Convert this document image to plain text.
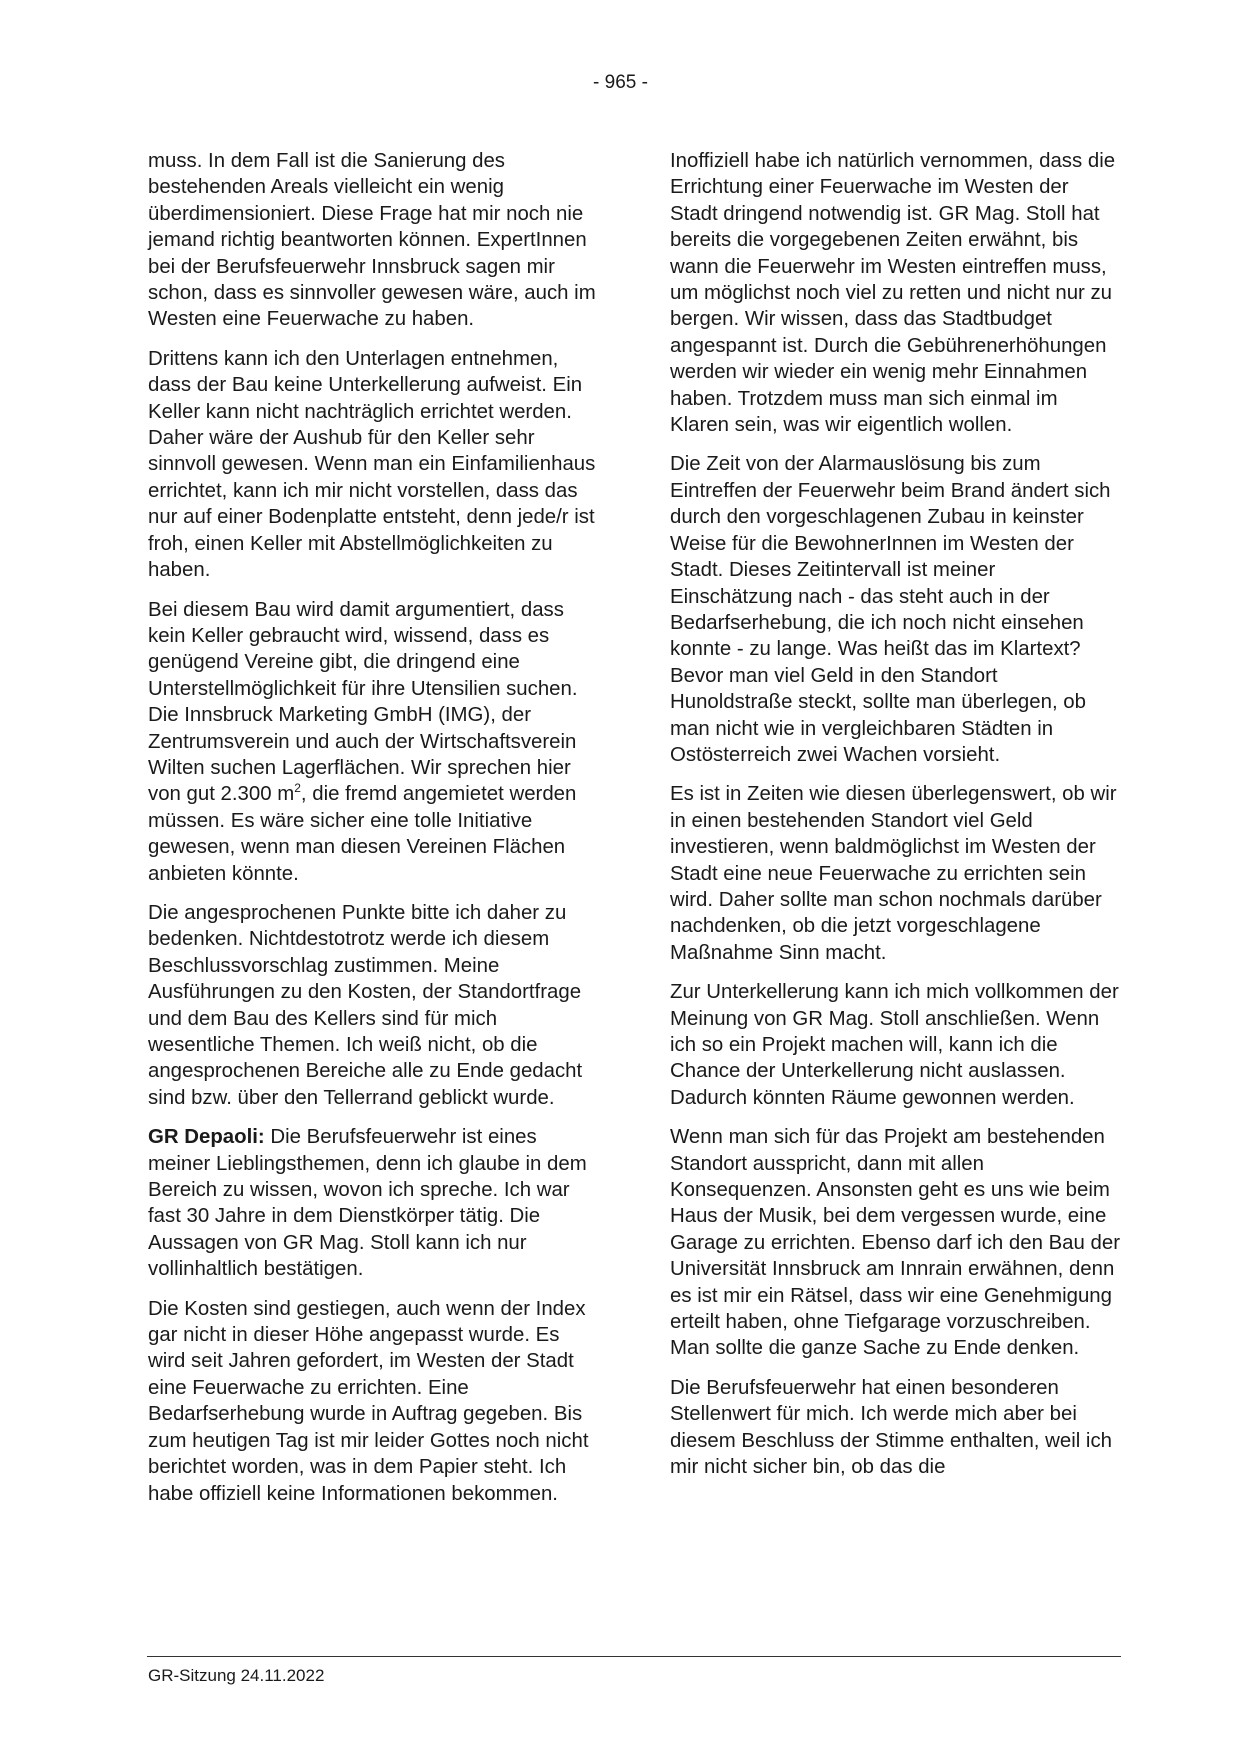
- 965 -

muss. In dem Fall ist die Sanierung des bestehenden Areals vielleicht ein wenig überdimensioniert. Diese Frage hat mir noch nie jemand richtig beantworten können. ExpertInnen bei der Berufsfeuerwehr Innsbruck sagen mir schon, dass es sinnvoller gewesen wäre, auch im Westen eine Feuerwache zu haben.

Drittens kann ich den Unterlagen entnehmen, dass der Bau keine Unterkellerung aufweist. Ein Keller kann nicht nachträglich errichtet werden. Daher wäre der Aushub für den Keller sehr sinnvoll gewesen. Wenn man ein Einfamilienhaus errichtet, kann ich mir nicht vorstellen, dass das nur auf einer Bodenplatte entsteht, denn jede/r ist froh, einen Keller mit Abstellmöglichkeiten zu haben.

Bei diesem Bau wird damit argumentiert, dass kein Keller gebraucht wird, wissend, dass es genügend Vereine gibt, die dringend eine Unterstellmöglichkeit für ihre Utensilien suchen. Die Innsbruck Marketing GmbH (IMG), der Zentrumsverein und auch der Wirtschaftsverein Wilten suchen Lagerflächen. Wir sprechen hier von gut 2.300 $m^2$, die fremd angemietet werden müssen. Es wäre sicher eine tolle Initiative gewesen, wenn man diesen Vereinen Flächen anbieten könnte.

Die angesprochenen Punkte bitte ich daher zu bedenken. Nichtdestotrotz werde ich diesem Beschlussvorschlag zustimmen. Meine Ausführungen zu den Kosten, der Standortfrage und dem Bau des Kellers sind für mich wesentliche Themen. Ich weiß nicht, ob die angesprochenen Bereiche alle zu Ende gedacht sind bzw. über den Tellerrand geblickt wurde.

GR Depaoli: Die Berufsfeuerwehr ist eines meiner Lieblingsthemen, denn ich glaube in dem Bereich zu wissen, wovon ich spreche. Ich war fast 30 Jahre in dem Dienstkörper tätig. Die Aussagen von GR Mag. Stoll kann ich nur vollinhaltlich bestätigen.

Die Kosten sind gestiegen, auch wenn der Index gar nicht in dieser Höhe angepasst wurde. Es wird seit Jahren gefordert, im Westen der Stadt eine Feuerwache zu errichten. Eine Bedarfserhebung wurde in Auftrag gegeben. Bis zum heutigen Tag ist mir leider Gottes noch nicht berichtet worden, was in dem Papier steht. Ich habe offiziell keine Informationen bekommen.

Inoffiziell habe ich natürlich vernommen, dass die Errichtung einer Feuerwache im Westen der Stadt dringend notwendig ist. GR Mag. Stoll hat bereits die vorgegebenen Zeiten erwähnt, bis wann die Feuerwehr im Westen eintreffen muss, um möglichst noch viel zu retten und nicht nur zu bergen. Wir wissen, dass das Stadtbudget angespannt ist. Durch die Gebührenerhöhungen werden wir wieder ein wenig mehr Einnahmen haben. Trotzdem muss man sich einmal im Klaren sein, was wir eigentlich wollen.

Die Zeit von der Alarmauslösung bis zum Eintreffen der Feuerwehr beim Brand ändert sich durch den vorgeschlagenen Zubau in keinster Weise für die BewohnerInnen im Westen der Stadt. Dieses Zeitintervall ist meiner Einschätzung nach - das steht auch in der Bedarfserhebung, die ich noch nicht einsehen konnte - zu lange. Was heißt das im Klartext? Bevor man viel Geld in den Standort Hunoldstraße steckt, sollte man überlegen, ob man nicht wie in vergleichbaren Städten in Ostösterreich zwei Wachen vorsieht.

Es ist in Zeiten wie diesen überlegenswert, ob wir in einen bestehenden Standort viel Geld investieren, wenn baldmöglichst im Westen der Stadt eine neue Feuerwache zu errichten sein wird. Daher sollte man schon nochmals darüber nachdenken, ob die jetzt vorgeschlagene Maßnahme Sinn macht.

Zur Unterkellerung kann ich mich vollkommen der Meinung von GR Mag. Stoll anschließen. Wenn ich so ein Projekt machen will, kann ich die Chance der Unterkellerung nicht auslassen. Dadurch könnten Räume gewonnen werden.

Wenn man sich für das Projekt am bestehenden Standort ausspricht, dann mit allen Konsequenzen. Ansonsten geht es uns wie beim Haus der Musik, bei dem vergessen wurde, eine Garage zu errichten. Ebenso darf ich den Bau der Universität Innsbruck am Innrain erwähnen, denn es ist mir ein Rätsel, dass wir eine Genehmigung erteilt haben, ohne Tiefgarage vorzuschreiben. Man sollte die ganze Sache zu Ende denken.

Die Berufsfeuerwehr hat einen besonderen Stellenwert für mich. Ich werde mich aber bei diesem Beschluss der Stimme enthalten, weil ich mir nicht sicher bin, ob das die

GR-Sitzung 24.11.2022
